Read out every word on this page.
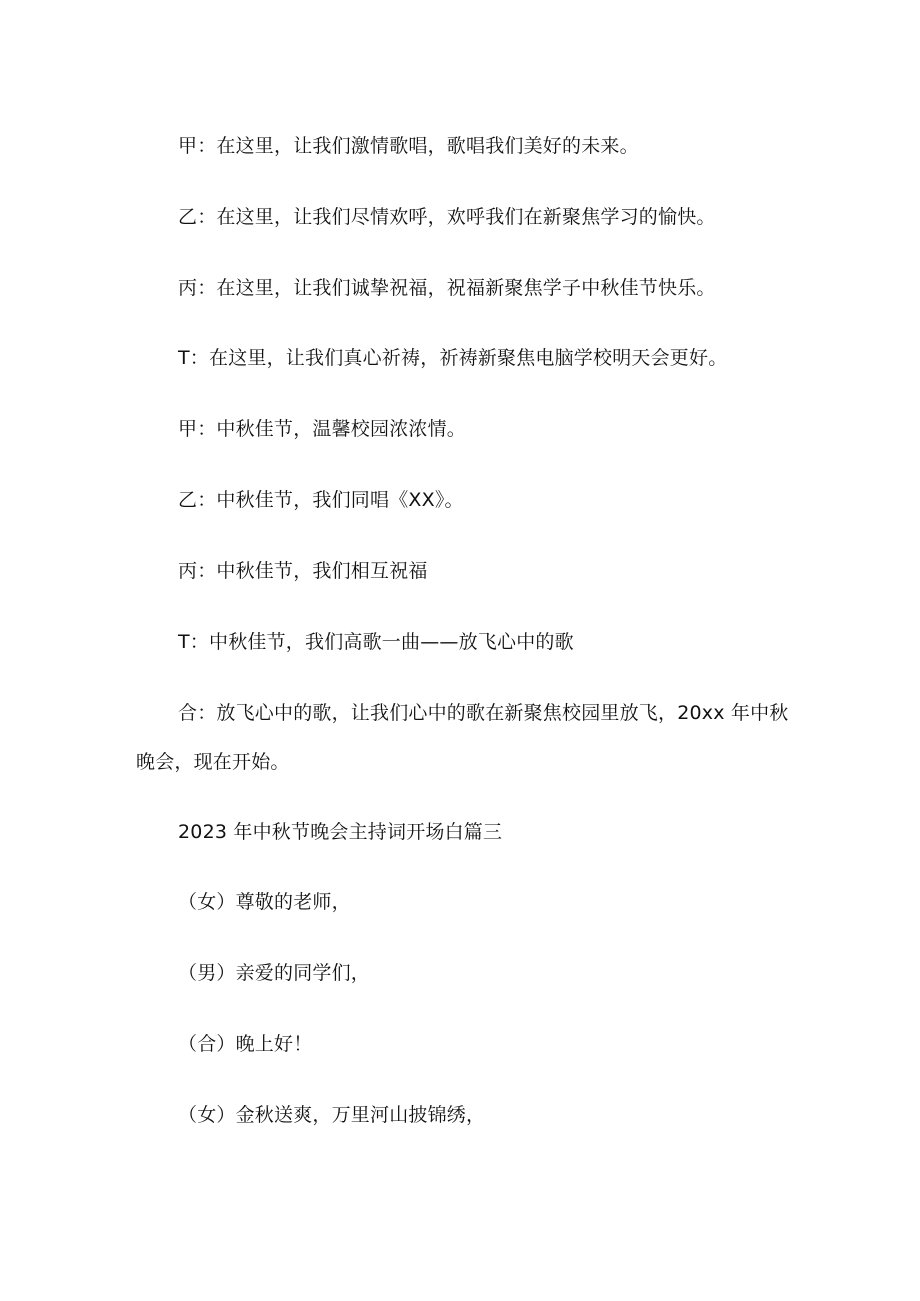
甲：在这里，让我们激情歌唱，歌唱我们美好的未来。
乙：在这里，让我们尽情欢呼，欢呼我们在新聚焦学习的愉快。
丙：在这里，让我们诚挚祝福，祝福新聚焦学子中秋佳节快乐。
T：在这里，让我们真心祈祷，祈祷新聚焦电脑学校明天会更好。
甲：中秋佳节，温馨校园浓浓情。
乙：中秋佳节，我们同唱《XX》。
丙：中秋佳节，我们相互祝福
T：中秋佳节，我们高歌一曲——放飞心中的歌
合：放飞心中的歌，让我们心中的歌在新聚焦校园里放飞，20xx 年中秋
晚会，现在开始。
2023 年中秋节晚会主持词开场白篇三
（女）尊敬的老师，
（男）亲爱的同学们，
（合）晚上好！
（女）金秋送爽，万里河山披锦绣，
